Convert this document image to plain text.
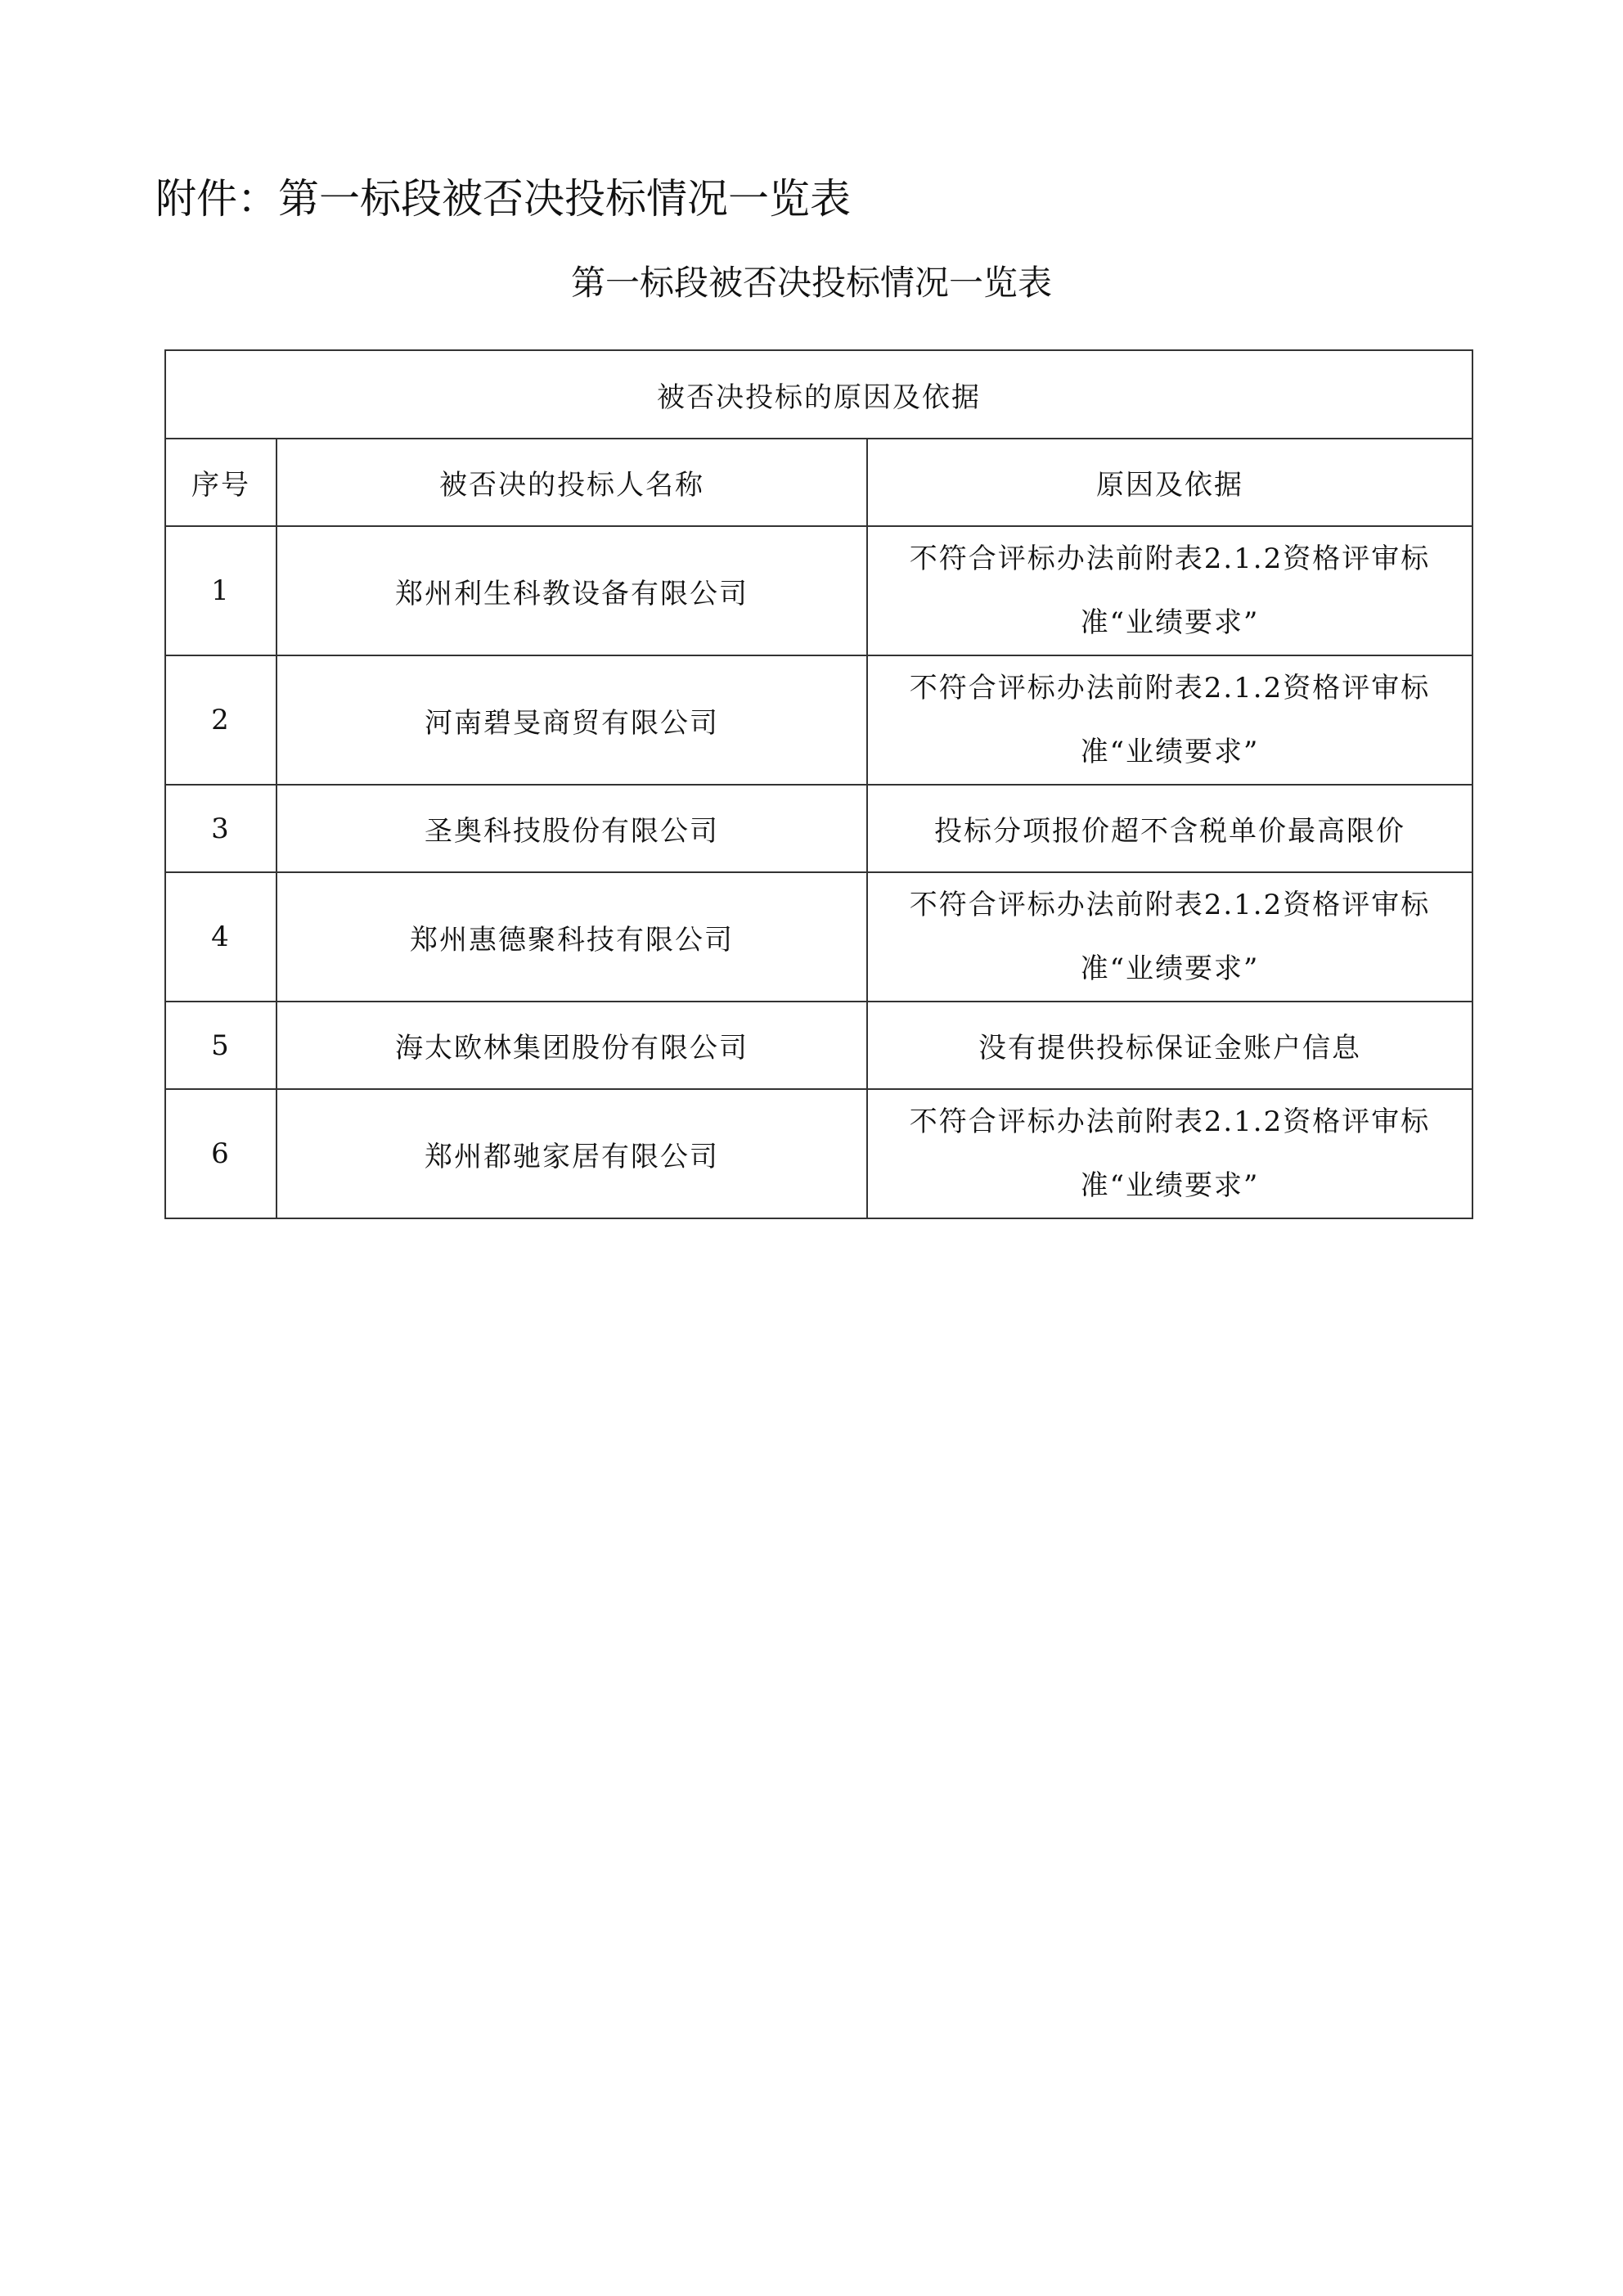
附件：第一标段被否决投标情况一览表
第一标段被否决投标情况一览表
被否决投标的原因及依据		
序号	被否决的投标人名称	原因及依据
1	郑州利生科教设备有限公司	不符合评标办法前附表2.1.2资格评审标准“业绩要求”
2	河南碧旻商贸有限公司	不符合评标办法前附表2.1.2资格评审标准“业绩要求”
3	圣奥科技股份有限公司	投标分项报价超不含税单价最高限价
4	郑州惠德聚科技有限公司	不符合评标办法前附表2.1.2资格评审标准“业绩要求”
5	海太欧林集团股份有限公司	没有提供投标保证金账户信息
6	郑州都驰家居有限公司	不符合评标办法前附表2.1.2资格评审标准“业绩要求”
